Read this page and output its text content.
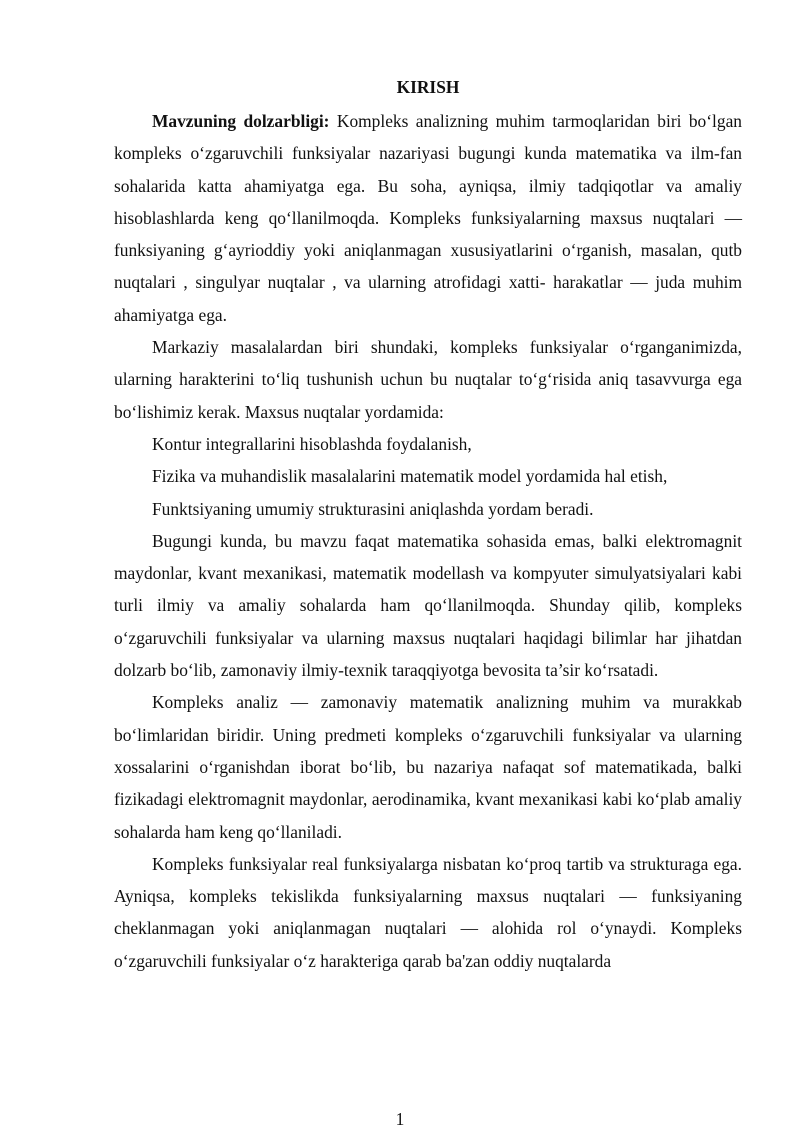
KIRISH

Mavzuning dolzarbligi: Kompleks analizning muhim tarmoqlaridan biri bo‘lgan kompleks o‘zgaruvchili funksiyalar nazariyasi bugungi kunda matematika va ilm-fan sohalarida katta ahamiyatga ega. Bu soha, ayniqsa, ilmiy tadqiqotlar va amaliy hisoblashlarda keng qo‘llanilmoqda. Kompleks funksiyalarning maxsus nuqtalari — funksiyaning g‘ayrioddiy yoki aniqlanmagan xususiyatlarini o‘rganish, masalan, qutb nuqtalari , singulyar nuqtalar , va ularning atrofidagi xatti- harakatlar — juda muhim ahamiyatga ega.

Markaziy masalalardan biri shundaki, kompleks funksiyalar o‘rganganimizda, ularning harakterini to‘liq tushunish uchun bu nuqtalar to‘g‘risida aniq tasavvurga ega bo‘lishimiz kerak. Maxsus nuqtalar yordamida:

Kontur integrallarini hisoblashda foydalanish,

Fizika va muhandislik masalalarini matematik model yordamida hal etish,

Funktsiyaning umumiy strukturasini aniqlashda yordam beradi.

Bugungi kunda, bu mavzu faqat matematika sohasida emas, balki elektromagnit maydonlar, kvant mexanikasi, matematik modellash va kompyuter simulyatsiyalari kabi turli ilmiy va amaliy sohalarda ham qo‘llanilmoqda. Shunday qilib, kompleks o‘zgaruvchili funksiyalar va ularning maxsus nuqtalari haqidagi bilimlar har jihatdan dolzarb bo‘lib, zamonaviy ilmiy-texnik taraqqiyotga bevosita ta’sir ko‘rsatadi.

Kompleks analiz — zamonaviy matematik analizning muhim va murakkab bo‘limlaridan biridir. Uning predmeti kompleks o‘zgaruvchili funksiyalar va ularning xossalarini o‘rganishdan iborat bo‘lib, bu nazariya nafaqat sof matematikada, balki fizikadagi elektromagnit maydonlar, aerodinamika, kvant mexanikasi kabi ko‘plab amaliy sohalarda ham keng qo‘llaniladi.

Kompleks funksiyalar real funksiyalarga nisbatan ko‘proq tartib va strukturaga ega. Ayniqsa, kompleks tekislikda funksiyalarning maxsus nuqtalari — funksiyaning cheklanmagan yoki aniqlanmagan nuqtalari — alohida rol o‘ynaydi. Kompleks o‘zgaruvchili funksiyalar o‘z harakteriga qarab ba'zan oddiy nuqtalarda

1
